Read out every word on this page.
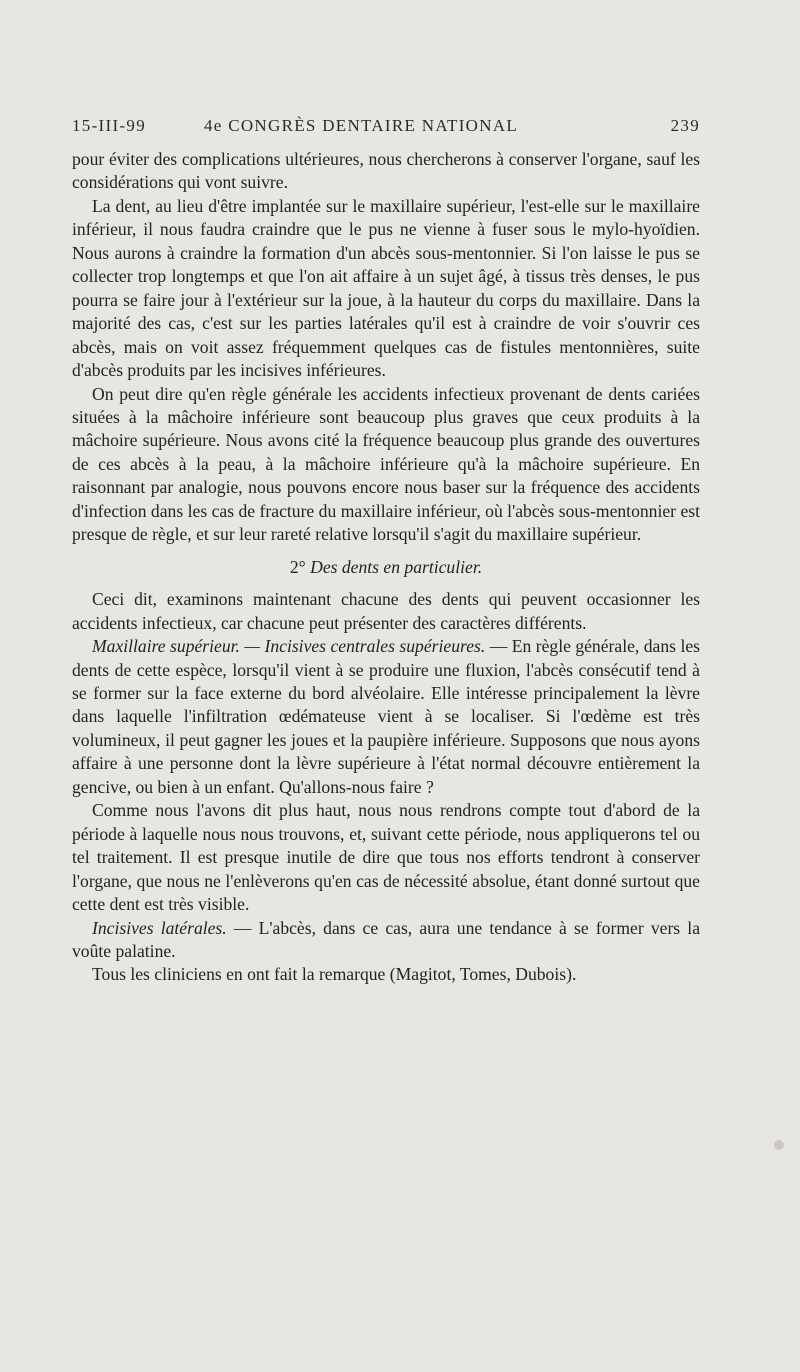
15-III-99	4e CONGRÈS DENTAIRE NATIONAL	239

pour éviter des complications ultérieures, nous chercherons à conserver l'organe, sauf les considérations qui vont suivre.

La dent, au lieu d'être implantée sur le maxillaire supérieur, l'est-elle sur le maxillaire inférieur, il nous faudra craindre que le pus ne vienne à fuser sous le mylo-hyoïdien. Nous aurons à craindre la formation d'un abcès sous-mentonnier. Si l'on laisse le pus se collecter trop longtemps et que l'on ait affaire à un sujet âgé, à tissus très denses, le pus pourra se faire jour à l'extérieur sur la joue, à la hauteur du corps du maxillaire. Dans la majorité des cas, c'est sur les parties latérales qu'il est à craindre de voir s'ouvrir ces abcès, mais on voit assez fréquemment quelques cas de fistules mentonnières, suite d'abcès produits par les incisives inférieures.

On peut dire qu'en règle générale les accidents infectieux provenant de dents cariées situées à la mâchoire inférieure sont beaucoup plus graves que ceux produits à la mâchoire supérieure. Nous avons cité la fréquence beaucoup plus grande des ouvertures de ces abcès à la peau, à la mâchoire inférieure qu'à la mâchoire supérieure. En raisonnant par analogie, nous pouvons encore nous baser sur la fréquence des accidents d'infection dans les cas de fracture du maxillaire inférieur, où l'abcès sous-mentonnier est presque de règle, et sur leur rareté relative lorsqu'il s'agit du maxillaire supérieur.

2° Des dents en particulier.

Ceci dit, examinons maintenant chacune des dents qui peuvent occasionner les accidents infectieux, car chacune peut présenter des caractères différents.

Maxillaire supérieur. — Incisives centrales supérieures. — En règle générale, dans les dents de cette espèce, lorsqu'il vient à se produire une fluxion, l'abcès consécutif tend à se former sur la face externe du bord alvéolaire. Elle intéresse principalement la lèvre dans laquelle l'infiltration œdémateuse vient à se localiser. Si l'œdème est très volumineux, il peut gagner les joues et la paupière inférieure. Supposons que nous ayons affaire à une personne dont la lèvre supérieure à l'état normal découvre entièrement la gencive, ou bien à un enfant. Qu'allons-nous faire ?

Comme nous l'avons dit plus haut, nous nous rendrons compte tout d'abord de la période à laquelle nous nous trouvons, et, suivant cette période, nous appliquerons tel ou tel traitement. Il est presque inutile de dire que tous nos efforts tendront à conserver l'organe, que nous ne l'enlèverons qu'en cas de nécessité absolue, étant donné surtout que cette dent est très visible.

Incisives latérales. — L'abcès, dans ce cas, aura une tendance à se former vers la voûte palatine.

Tous les cliniciens en ont fait la remarque (Magitot, Tomes, Dubois).
